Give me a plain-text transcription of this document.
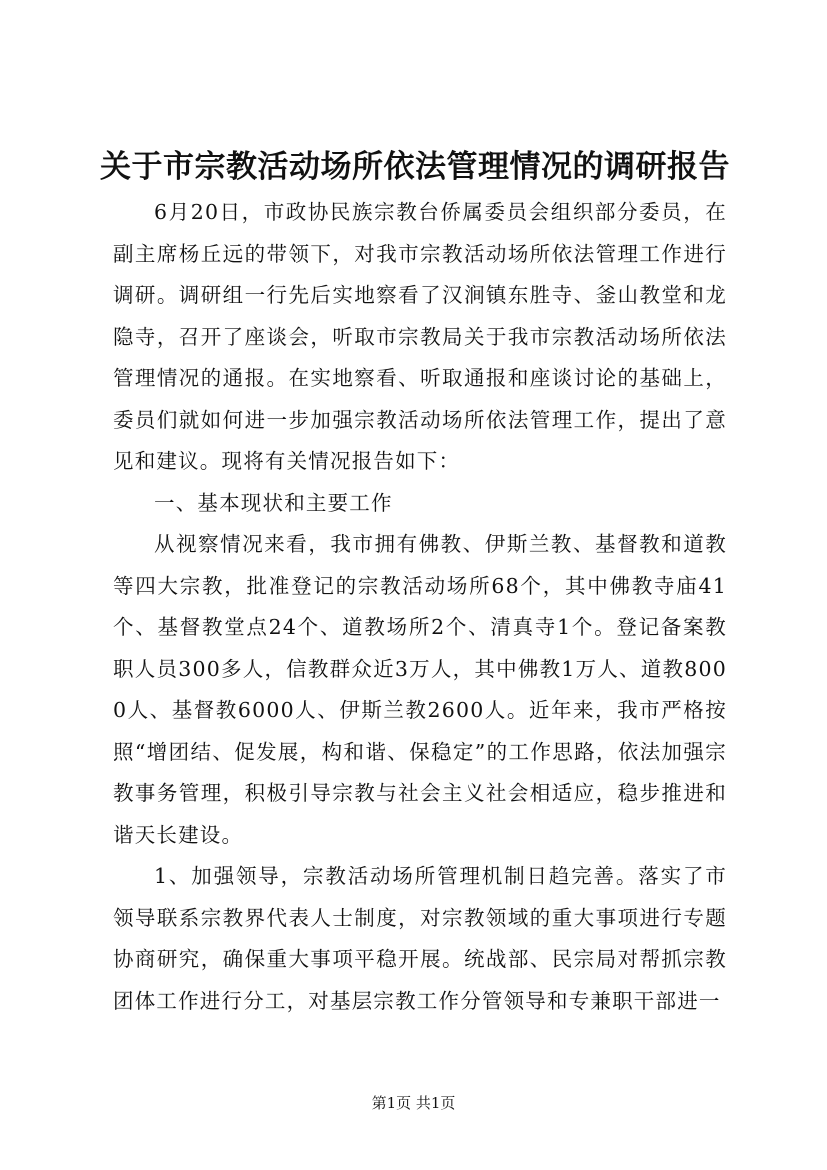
关于市宗教活动场所依法管理情况的调研报告

6月20日，市政协民族宗教台侨属委员会组织部分委员，在副主席杨丘远的带领下，对我市宗教活动场所依法管理工作进行调研。调研组一行先后实地察看了汉涧镇东胜寺、釜山教堂和龙隐寺，召开了座谈会，听取市宗教局关于我市宗教活动场所依法管理情况的通报。在实地察看、听取通报和座谈讨论的基础上，委员们就如何进一步加强宗教活动场所依法管理工作，提出了意见和建议。现将有关情况报告如下：

一、基本现状和主要工作

从视察情况来看，我市拥有佛教、伊斯兰教、基督教和道教等四大宗教，批准登记的宗教活动场所68个，其中佛教寺庙41个、基督教堂点24个、道教场所2个、清真寺1个。登记备案教职人员300多人，信教群众近3万人，其中佛教1万人、道教8000人、基督教6000人、伊斯兰教2600人。近年来，我市严格按照“增团结、促发展，构和谐、保稳定”的工作思路，依法加强宗教事务管理，积极引导宗教与社会主义社会相适应，稳步推进和谐天长建设。

1、加强领导，宗教活动场所管理机制日趋完善。落实了市领导联系宗教界代表人士制度，对宗教领域的重大事项进行专题协商研究，确保重大事项平稳开展。统战部、民宗局对帮抓宗教团体工作进行分工，对基层宗教工作分管领导和专兼职干部进一

第1页 共1页
